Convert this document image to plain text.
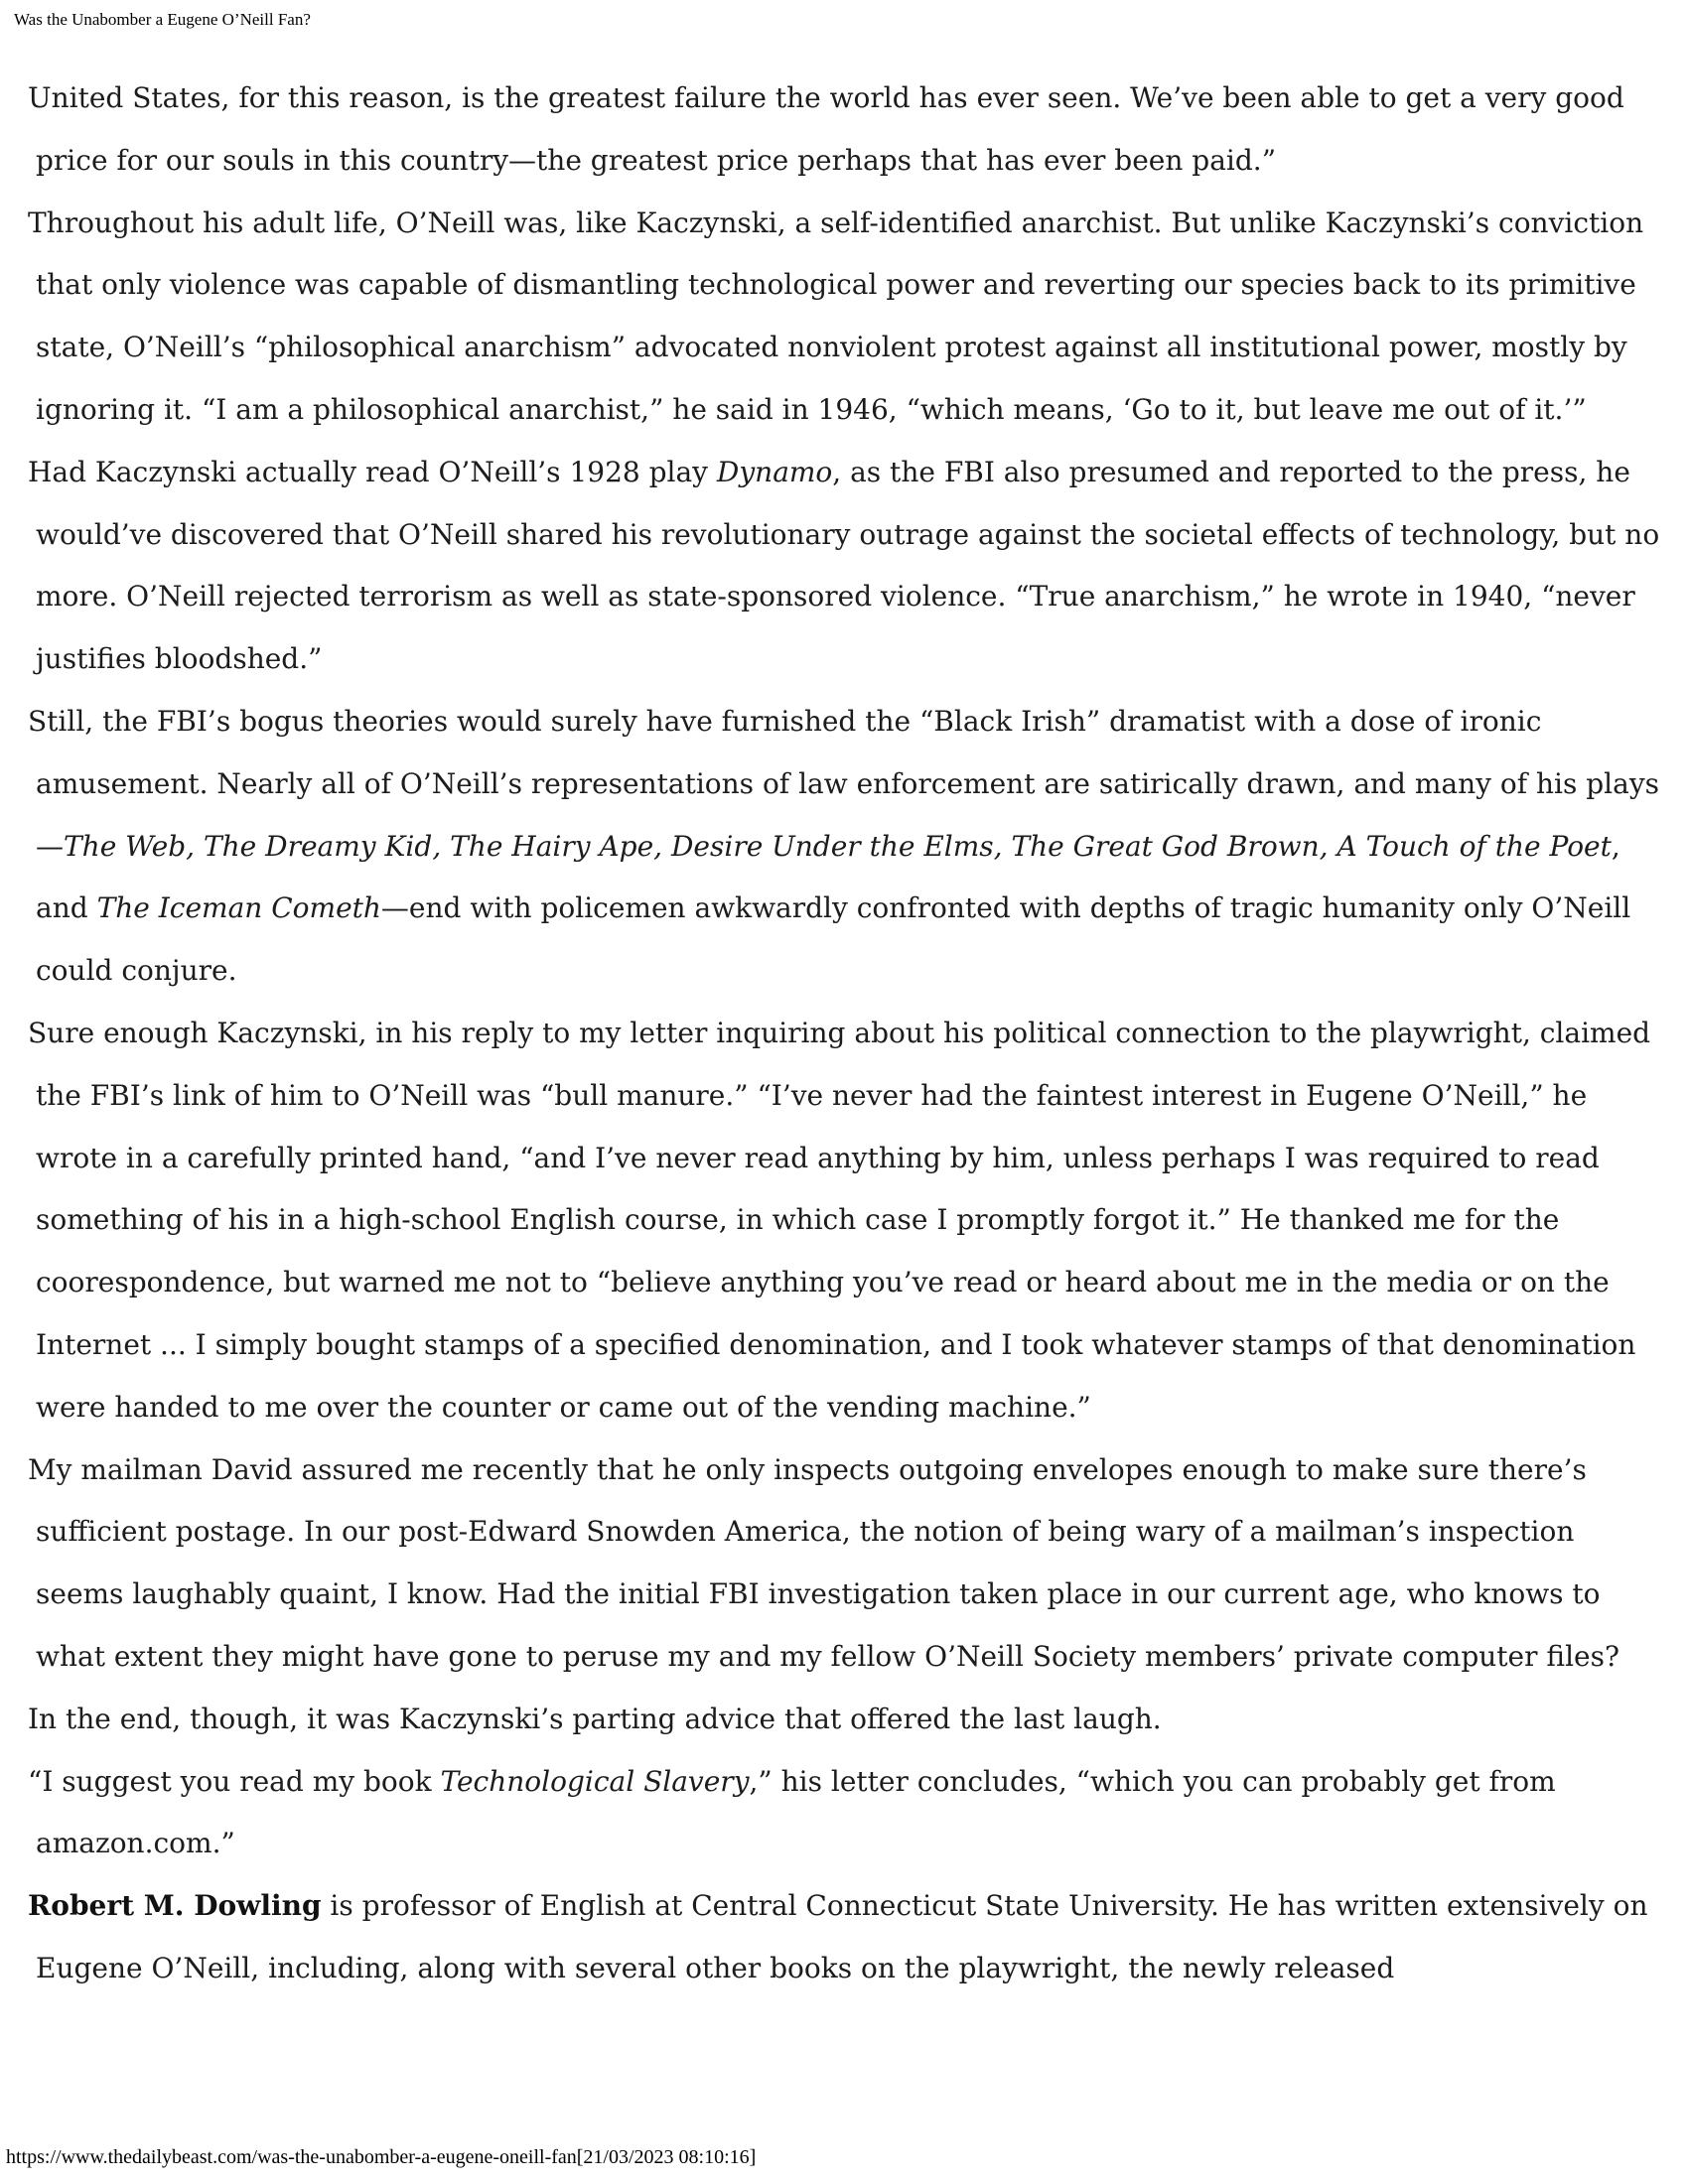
Was the Unabomber a Eugene O’Neill Fan?

United States, for this reason, is the greatest failure the world has ever seen. We’ve been able to get a very good price for our souls in this country—the greatest price perhaps that has ever been paid.”

Throughout his adult life, O’Neill was, like Kaczynski, a self-identified anarchist. But unlike Kaczynski’s conviction that only violence was capable of dismantling technological power and reverting our species back to its primitive state, O’Neill’s “philosophical anarchism” advocated nonviolent protest against all institutional power, mostly by ignoring it. “I am a philosophical anarchist,” he said in 1946, “which means, ‘Go to it, but leave me out of it.’”

Had Kaczynski actually read O’Neill’s 1928 play Dynamo, as the FBI also presumed and reported to the press, he would’ve discovered that O’Neill shared his revolutionary outrage against the societal effects of technology, but no more. O’Neill rejected terrorism as well as state-sponsored violence. “True anarchism,” he wrote in 1940, “never justifies bloodshed.”

Still, the FBI’s bogus theories would surely have furnished the “Black Irish” dramatist with a dose of ironic amusement. Nearly all of O’Neill’s representations of law enforcement are satirically drawn, and many of his plays—The Web, The Dreamy Kid, The Hairy Ape, Desire Under the Elms, The Great God Brown, A Touch of the Poet, and The Iceman Cometh—end with policemen awkwardly confronted with depths of tragic humanity only O’Neill could conjure.

Sure enough Kaczynski, in his reply to my letter inquiring about his political connection to the playwright, claimed the FBI’s link of him to O’Neill was “bull manure.” “I’ve never had the faintest interest in Eugene O’Neill,” he wrote in a carefully printed hand, “and I’ve never read anything by him, unless perhaps I was required to read something of his in a high-school English course, in which case I promptly forgot it.” He thanked me for the coorespondence, but warned me not to “believe anything you’ve read or heard about me in the media or on the Internet ... I simply bought stamps of a specified denomination, and I took whatever stamps of that denomination were handed to me over the counter or came out of the vending machine.”

My mailman David assured me recently that he only inspects outgoing envelopes enough to make sure there’s sufficient postage. In our post-Edward Snowden America, the notion of being wary of a mailman’s inspection seems laughably quaint, I know. Had the initial FBI investigation taken place in our current age, who knows to what extent they might have gone to peruse my and my fellow O’Neill Society members’ private computer files?

In the end, though, it was Kaczynski’s parting advice that offered the last laugh.

“I suggest you read my book Technological Slavery,” his letter concludes, “which you can probably get from amazon.com.”

Robert M. Dowling is professor of English at Central Connecticut State University. He has written extensively on Eugene O’Neill, including, along with several other books on the playwright, the newly released

https://www.thedailybeast.com/was-the-unabomber-a-eugene-oneill-fan[21/03/2023 08:10:16]
